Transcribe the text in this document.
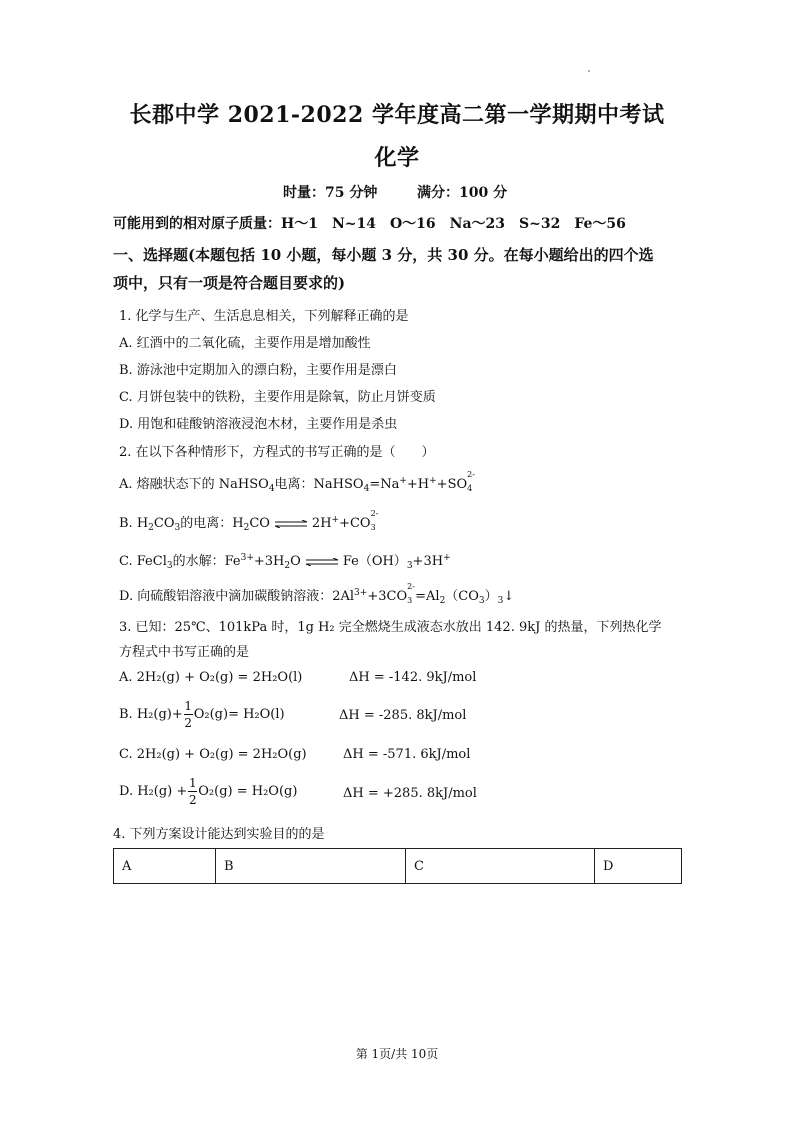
长郡中学 2021-2022 学年度高二第一学期期中考试
化学
时量：75 分钟	满分：100 分
可能用到的相对原子质量：H～1　N~14　O～16　Na～23　S~32　Fe～56
一、选择题(本题包括 10 小题，每小题 3 分，共 30 分。在每小题给出的四个选
项中，只有一项是符合题目要求的)
1. 化学与生产、生活息息相关，下列解释正确的是
A. 红酒中的二氧化硫，主要作用是增加酸性
B. 游泳池中定期加入的漂白粉，主要作用是漂白
C. 月饼包装中的铁粉，主要作用是除氧，防止月饼变质
D. 用饱和硅酸钠溶液浸泡木材，主要作用是杀虫
2. 在以下各种情形下，方程式的书写正确的是（　　）
A. 熔融状态下的 NaHSO$_4$电离：NaHSO$_4$=Na++H++SO
2-
4
B. $H_2CO_3$的电离：$H_2CO$ ⇌ 2H++CO
2-
3
C. FeCl$_3$的水解：$Fe^{3+}+3H_2O$ ⇌ $Fe(OH)_3+3H^+$
D. 向硫酸铝溶液中滴加碳酸钠溶液：$2Al^{3+}+3CO$
2-
$3 =Al_2(CO_3)_3↓$
3. 已知：25℃、101kPa 时，1g H₂ 完全燃烧生成液态水放出 142. 9kJ 的热量，下列热化学
方程式中书写正确的是
A. 2H₂(g) + O₂(g) = 2H₂O(l)	ΔH = -142. 9kJ/mol
B. $H_2(g)+ \frac{1}{2} O_2(g)= H_2O(l)$	ΔH = -285. 8kJ/mol
C. 2H₂(g) + O₂(g) = 2H₂O(g)	ΔH = -571. 6kJ/mol
D. $H_2(g) + \frac{1}{2} O_2(g) = H_2O(g)$	ΔH = +285. 8kJ/mol
4. 下列方案设计能达到实验目的的是
A	B	C	D
第 1页/共 10页
